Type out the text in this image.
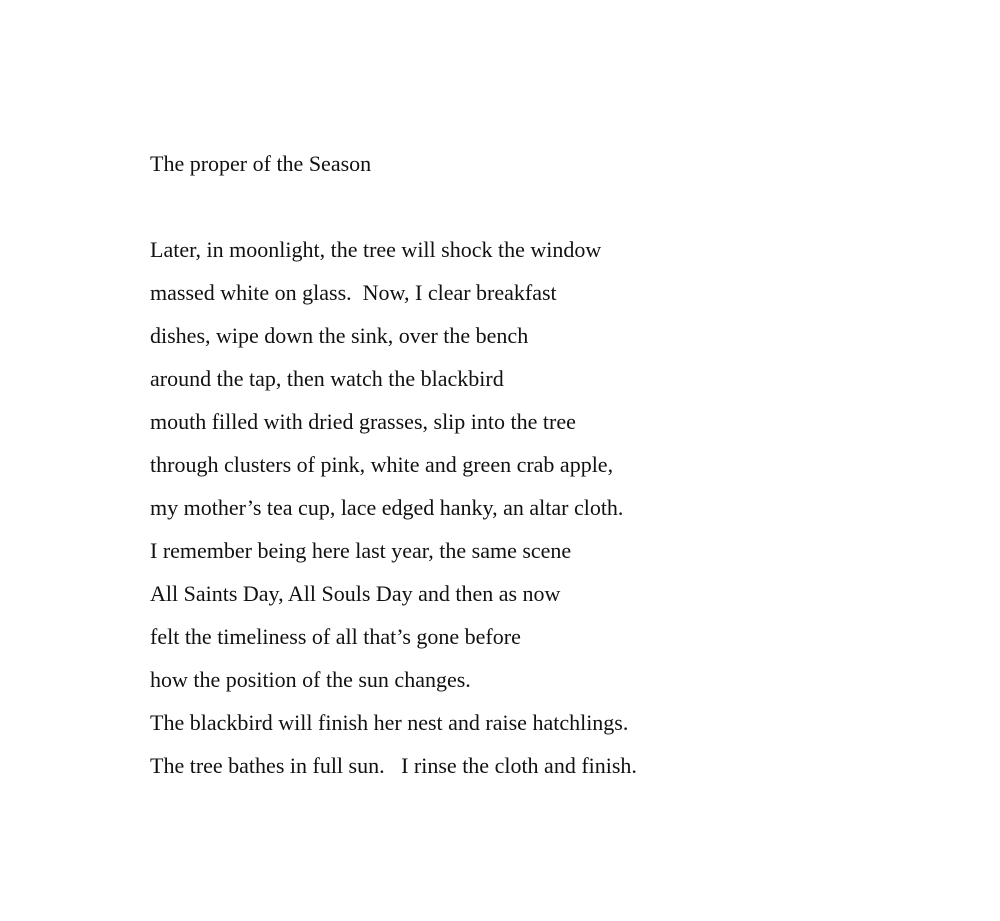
The proper of the Season
Later, in moonlight, the tree will shock the window
massed white on glass.  Now, I clear breakfast
dishes, wipe down the sink, over the bench
around the tap, then watch the blackbird
mouth filled with dried grasses, slip into the tree
through clusters of pink, white and green crab apple,
my mother’s tea cup, lace edged hanky, an altar cloth.
I remember being here last year, the same scene
All Saints Day, All Souls Day and then as now
felt the timeliness of all that’s gone before
how the position of the sun changes.
The blackbird will finish her nest and raise hatchlings.
The tree bathes in full sun.   I rinse the cloth and finish.
